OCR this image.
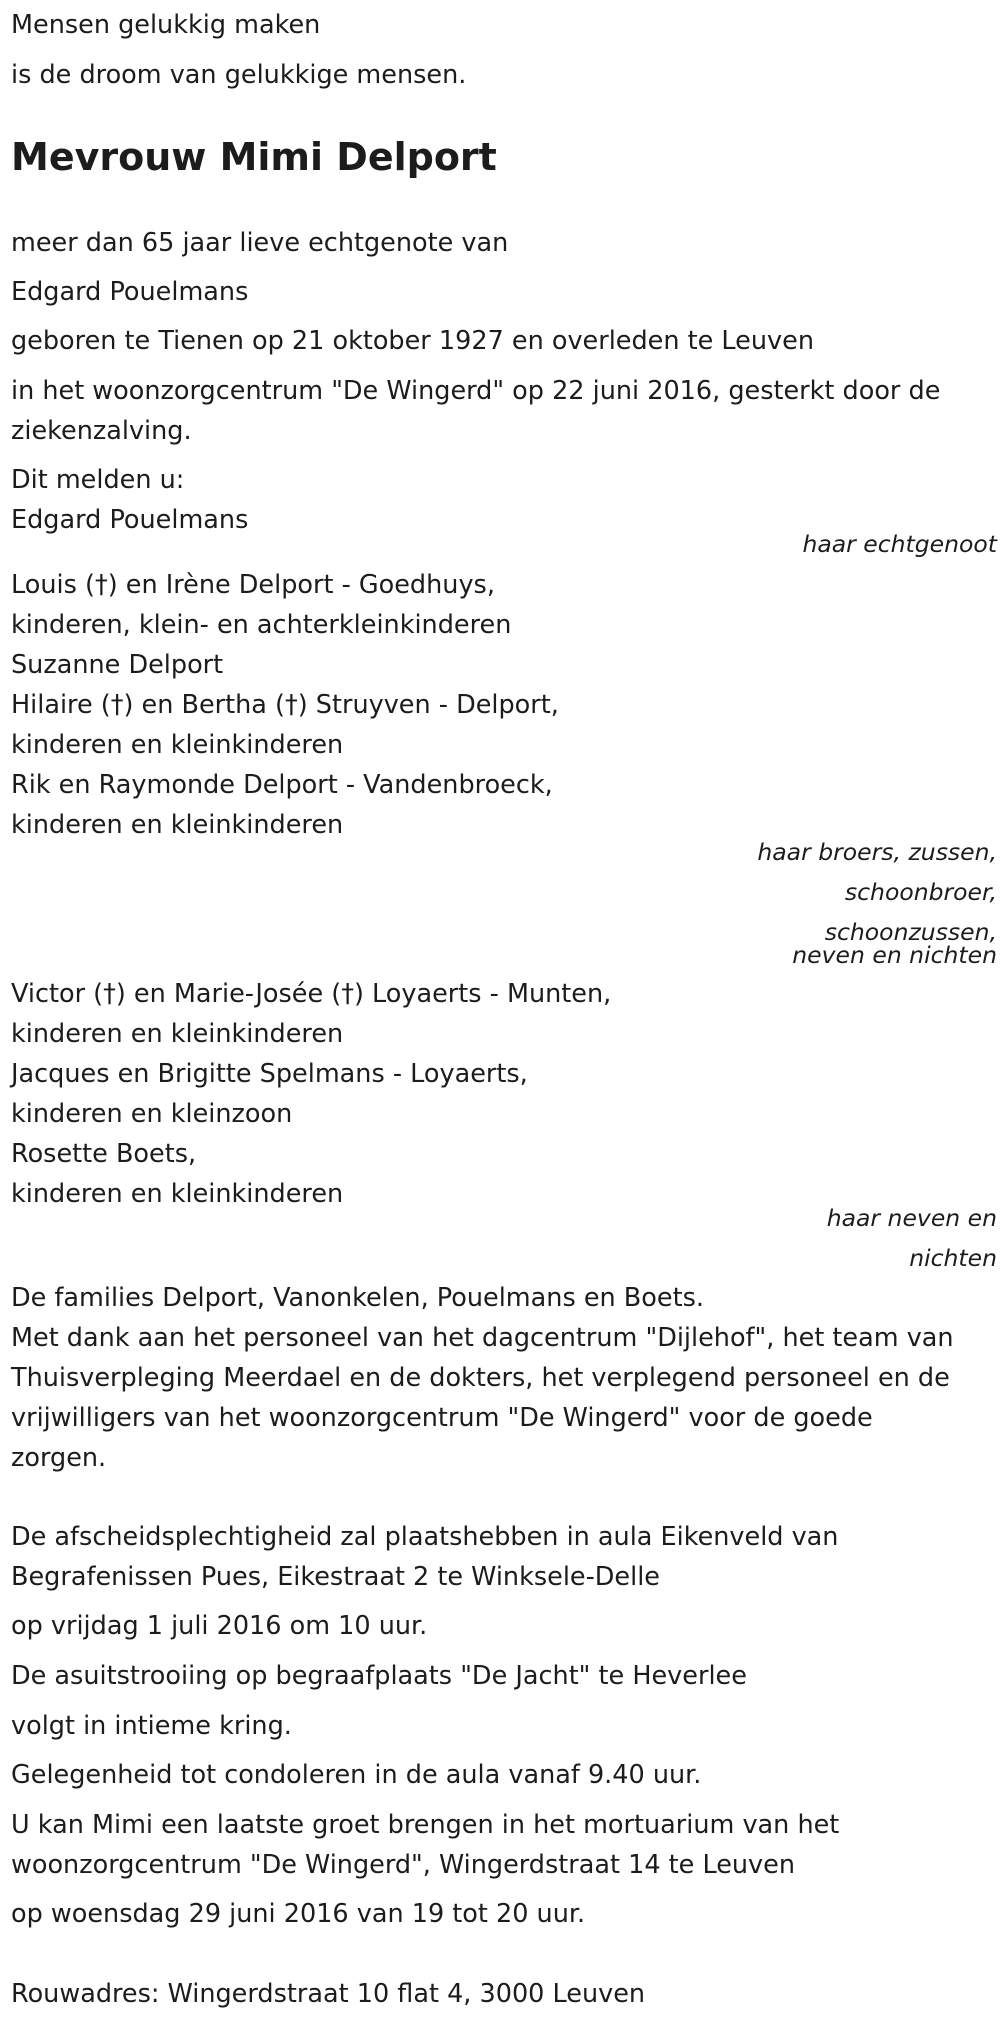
Mensen gelukkig maken

is de droom van gelukkige mensen.

Mevrouw Mimi Delport

meer dan 65 jaar lieve echtgenote van

Edgard Pouelmans

geboren te Tienen op 21 oktober 1927 en overleden te Leuven

in het woonzorgcentrum "De Wingerd" op 22 juni 2016, gesterkt door de

ziekenzalving.

Dit melden u:

Edgard Pouelmans

haar echtgenoot

Louis (†) en Irène Delport - Goedhuys,

kinderen, klein- en achterkleinkinderen

Suzanne Delport

Hilaire (†) en Bertha (†) Struyven - Delport,

kinderen en kleinkinderen

Rik en Raymonde Delport - Vandenbroeck,

kinderen en kleinkinderen

haar broers, zussen,

schoonbroer,

schoonzussen,

neven en nichten

Victor (†) en Marie-Josée (†) Loyaerts - Munten,

kinderen en kleinkinderen

Jacques en Brigitte Spelmans - Loyaerts,

kinderen en kleinzoon

Rosette Boets,

kinderen en kleinkinderen

haar neven en

nichten

De families Delport, Vanonkelen, Pouelmans en Boets.

Met dank aan het personeel van het dagcentrum "Dijlehof", het team van

Thuisverpleging Meerdael en de dokters, het verplegend personeel en de

vrijwilligers van het woonzorgcentrum "De Wingerd" voor de goede

zorgen.

De afscheidsplechtigheid zal plaatshebben in aula Eikenveld van

Begrafenissen Pues, Eikestraat 2 te Winksele-Delle

op vrijdag 1 juli 2016 om 10 uur.

De asuitstrooiing op begraafplaats "De Jacht" te Heverlee

volgt in intieme kring.

Gelegenheid tot condoleren in de aula vanaf 9.40 uur.

U kan Mimi een laatste groet brengen in het mortuarium van het

woonzorgcentrum "De Wingerd", Wingerdstraat 14 te Leuven

op woensdag 29 juni 2016 van 19 tot 20 uur.

Rouwadres: Wingerdstraat 10 flat 4, 3000 Leuven
